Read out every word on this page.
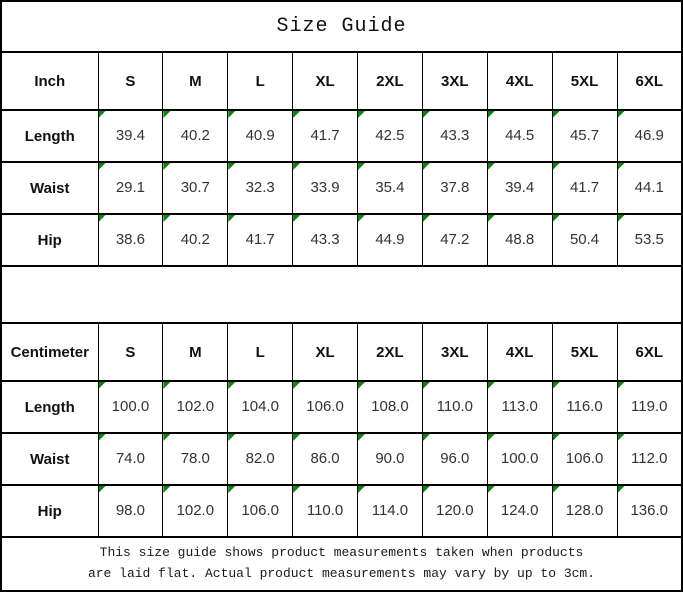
Size Guide									
Inch	S	M	L	XL	2XL	3XL	4XL	5XL	6XL
Length	39.4	40.2	40.9	41.7	42.5	43.3	44.5	45.7	46.9
Waist	29.1	30.7	32.3	33.9	35.4	37.8	39.4	41.7	44.1
Hip	38.6	40.2	41.7	43.3	44.9	47.2	48.8	50.4	53.5

Centimeter	S	M	L	XL	2XL	3XL	4XL	5XL	6XL
Length	100.0	102.0	104.0	106.0	108.0	110.0	113.0	116.0	119.0
Waist	74.0	78.0	82.0	86.0	90.0	96.0	100.0	106.0	112.0
Hip	98.0	102.0	106.0	110.0	114.0	120.0	124.0	128.0	136.0

This size guide shows product measurements taken when products
are laid flat. Actual product measurements may vary by up to 3cm.									
